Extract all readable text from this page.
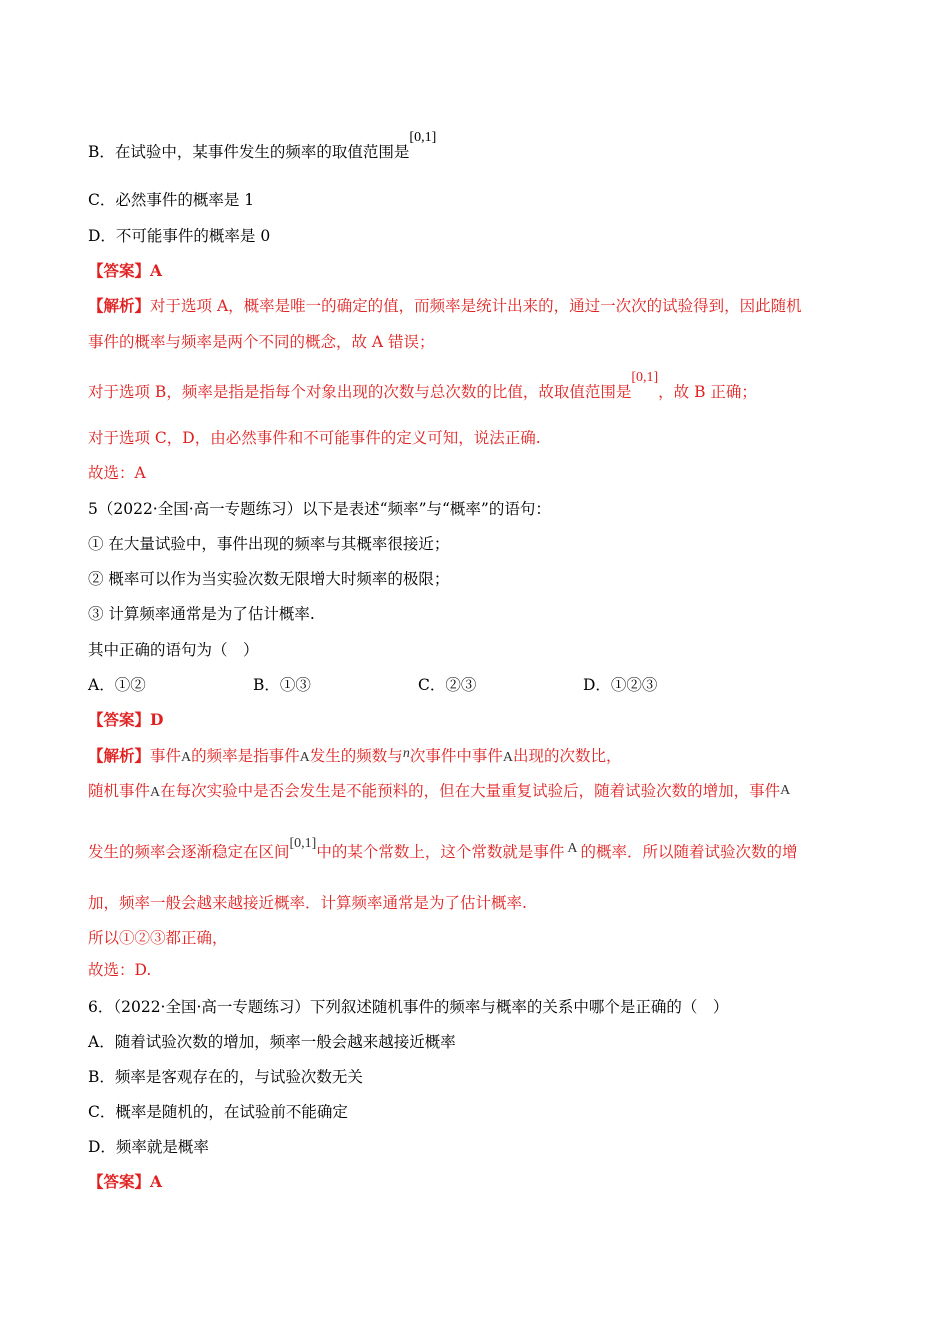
B．在试验中，某事件发生的频率的取值范围是[0,1]
C．必然事件的概率是 1
D．不可能事件的概率是 0
【答案】A
【解析】对于选项 A，概率是唯一的确定的值，而频率是统计出来的，通过一次次的试验得到，因此随机
事件的概率与频率是两个不同的概念，故 A 错误；
对于选项 B，频率是指是指每个对象出现的次数与总次数的比值，故取值范围是[0,1]，故 B 正确；
对于选项 C，D，由必然事件和不可能事件的定义可知，说法正确.
故选：A
5（2022·全国·高一专题练习）以下是表述“频率”与“概率”的语句：
① 在大量试验中，事件出现的频率与其概率很接近；
② 概率可以作为当实验次数无限增大时频率的极限；
③ 计算频率通常是为了估计概率.
其中正确的语句为（　）
A．①②	B．①③	C．②③	D．①②③
【答案】D
【解析】事件A的频率是指事件A发生的频数与n次事件中事件A出现的次数比，
随机事件A在每次实验中是否会发生是不能预料的，但在大量重复试验后，随着试验次数的增加，事件A
发生的频率会逐渐稳定在区间[0,1]中的某个常数上，这个常数就是事件 A 的概率．所以随着试验次数的增
加，频率一般会越来越接近概率．计算频率通常是为了估计概率.
所以①②③都正确，
故选：D.
6．（2022·全国·高一专题练习）下列叙述随机事件的频率与概率的关系中哪个是正确的（　）
A．随着试验次数的增加，频率一般会越来越接近概率
B．频率是客观存在的，与试验次数无关
C．概率是随机的，在试验前不能确定
D．频率就是概率
【答案】A
